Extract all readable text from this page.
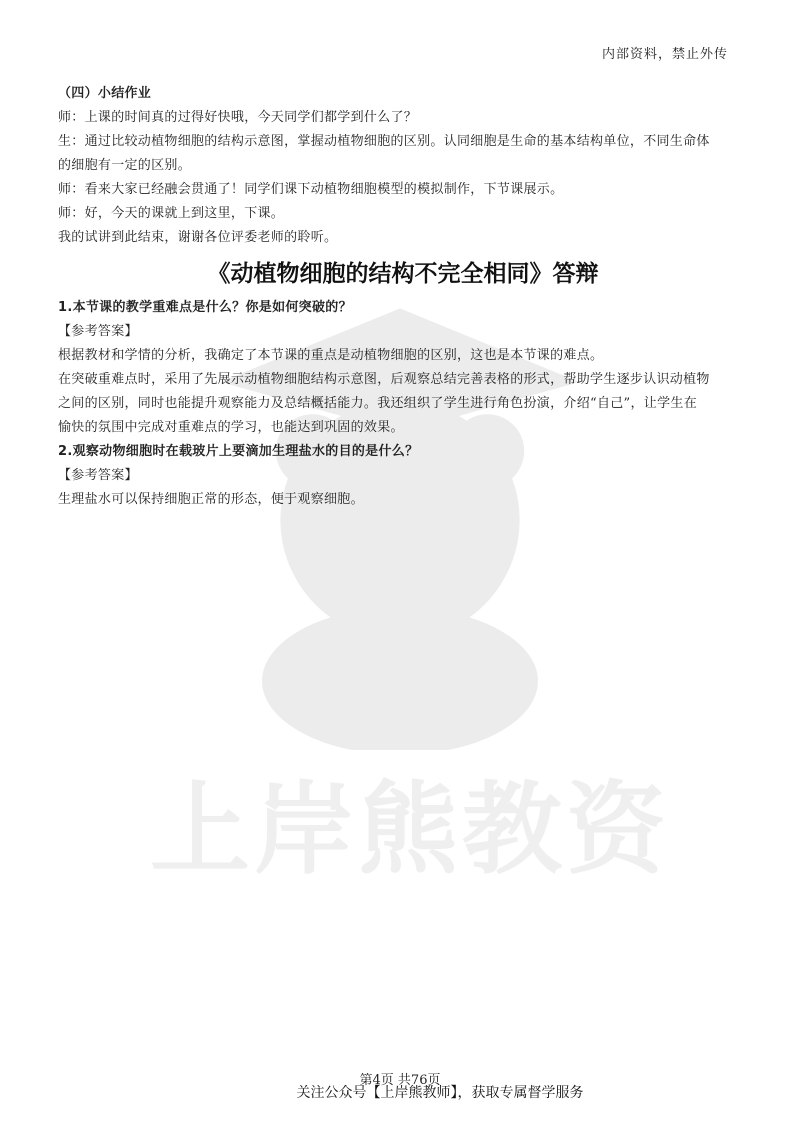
上岸熊教资
内部资料，禁止外传

（四）小结作业

师：上课的时间真的过得好快哦，今天同学们都学到什么了？

生：通过比较动植物细胞的结构示意图，掌握动植物细胞的区别。认同细胞是生命的基本结构单位，不同生命体

的细胞有一定的区别。

师：看来大家已经融会贯通了！同学们课下动植物细胞模型的模拟制作，下节课展示。

师：好，今天的课就上到这里，下课。

我的试讲到此结束，谢谢各位评委老师的聆听。

《动植物细胞的结构不完全相同》答辩

1.本节课的教学重难点是什么？你是如何突破的？

【参考答案】

根据教材和学情的分析，我确定了本节课的重点是动植物细胞的区别，这也是本节课的难点。

在突破重难点时，采用了先展示动植物细胞结构示意图，后观察总结完善表格的形式，帮助学生逐步认识动植物

之间的区别，同时也能提升观察能力及总结概括能力。我还组织了学生进行角色扮演，介绍“自己”，让学生在

愉快的氛围中完成对重难点的学习，也能达到巩固的效果。

2.观察动物细胞时在载玻片上要滴加生理盐水的目的是什么？

【参考答案】

生理盐水可以保持细胞正常的形态，便于观察细胞。

第4页 共76页
关注公众号【上岸熊教师】，获取专属督学服务
